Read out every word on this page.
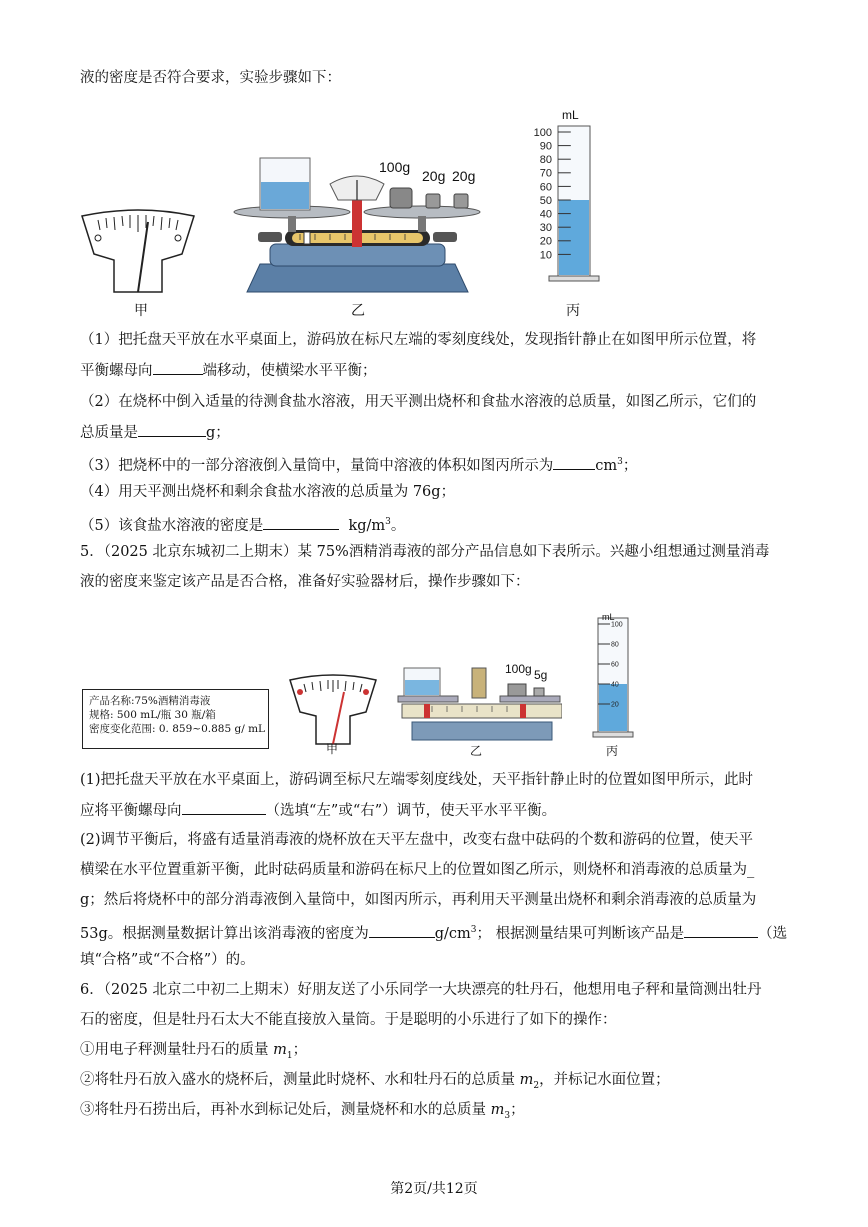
液的密度是否符合要求，实验步骤如下：
甲
100g
20g 20g
乙
100
90
80
70
60
50
40
30
20
10
mL
丙
（1）把托盘天平放在水平桌面上，游码放在标尺左端的零刻度线处，发现指针静止在如图甲所示位置，将
平衡螺母向	端移动，使横梁水平平衡；
（2）在烧杯中倒入适量的待测食盐水溶液，用天平测出烧杯和食盐水溶液的总质量，如图乙所示，它们的
总质量是	g；
（3）把烧杯中的一部分溶液倒入量筒中，量筒中溶液的体积如图丙所示为	$cm^3$；
（4）用天平测出烧杯和剩余食盐水溶液的总质量为 76g；
（5）该食盐水溶液的密度是	$kg/m^3$。
5．（2025 北京东城初二上期末）某 75%酒精消毒液的部分产品信息如下表所示。兴趣小组想通过测量消毒
液的密度来鉴定该产品是否合格，准备好实验器材后，操作步骤如下：
产品名称:75%酒精消毒液
规格: 500 mL/瓶 30 瓶/箱
密度变化范围: 0. 859~0.885 g/ mL
甲
100g 5g
乙
100
80
60
40
20
mL
丙
(1)把托盘天平放在水平桌面上，游码调至标尺左端零刻度线处，天平指针静止时的位置如图甲所示，此时
应将平衡螺母向	（选填“左”或“右”）调节，使天平水平平衡。
(2)调节平衡后，将盛有适量消毒液的烧杯放在天平左盘中，改变右盘中砝码的个数和游码的位置，使天平
横梁在水平位置重新平衡，此时砝码质量和游码在标尺上的位置如图乙所示，则烧杯和消毒液的总质量为_
g；然后将烧杯中的部分消毒液倒入量筒中，如图丙所示，再利用天平测量出烧杯和剩余消毒液的总质量为
53g。根据测量数据计算出该消毒液的密度为	$g/cm^3$； 根据测量结果可判断该产品是	（选
填“合格”或“不合格”）的。
6．（2025 北京二中初二上期末）好朋友送了小乐同学一大块漂亮的牡丹石，他想用电子秤和量筒测出牡丹
石的密度，但是牡丹石太大不能直接放入量筒。于是聪明的小乐进行了如下的操作：
①用电子秤测量牡丹石的质量 $m_1$；
②将牡丹石放入盛水的烧杯后，测量此时烧杯、水和牡丹石的总质量 $m_2$，并标记水面位置；
③将牡丹石捞出后，再补水到标记处后，测量烧杯和水的总质量 $m_3$；
第2页/共12页
